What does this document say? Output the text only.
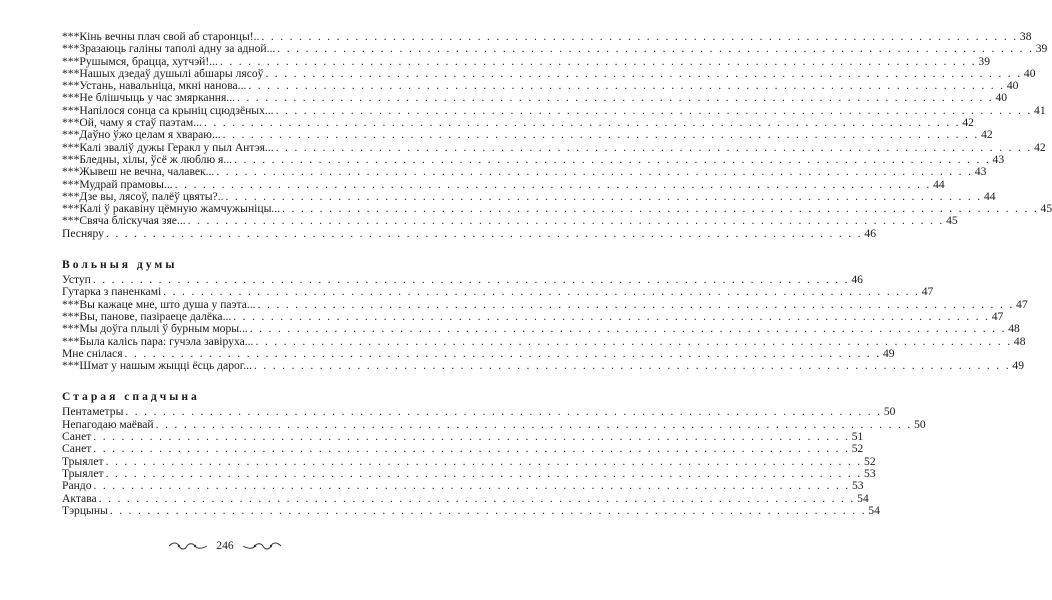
***Кінь вечны плач свой аб старонцы!.. . . . . . . . . . . . . . . . . . . . . . . . . . . . . . . . . . . . . . . . . . . . . . . . . . . . . . . . . . . . . . . . . . . . . . . . . . . . . . . . . . 38
***Зразаюць галіны таполі адну за адной... . . . . . . . . . . . . . . . . . . . . . . . . . . . . . . . . . . . . . . . . . . . . . . . . . . . . . . . . . . . . . . . . . . . . . . . . . . . . . . . . . 39
***Рушымся, браццa, хутчэй!... . . . . . . . . . . . . . . . . . . . . . . . . . . . . . . . . . . . . . . . . . . . . . . . . . . . . . . . . . . . . . . . . . . . . . . . . . . . . . . . . . 39
***Нашых дзедаў душылі абшары лясоў . . . . . . . . . . . . . . . . . . . . . . . . . . . . . . . . . . . . . . . . . . . . . . . . . . . . . . . . . . . . . . . . . . . . . . . . . . . . . . . . . 40
***Устань, навальніца, мкні нанова... . . . . . . . . . . . . . . . . . . . . . . . . . . . . . . . . . . . . . . . . . . . . . . . . . . . . . . . . . . . . . . . . . . . . . . . . . . . . . . . . . 40
***Не блішчыць у час змяркання... . . . . . . . . . . . . . . . . . . . . . . . . . . . . . . . . . . . . . . . . . . . . . . . . . . . . . . . . . . . . . . . . . . . . . . . . . . . . . . . . . 40
***Напілося сонца са крыніц сцюдзёных... . . . . . . . . . . . . . . . . . . . . . . . . . . . . . . . . . . . . . . . . . . . . . . . . . . . . . . . . . . . . . . . . . . . . . . . . . . . . . . . . . 41
***Ой, чаму я стаў паэтам... . . . . . . . . . . . . . . . . . . . . . . . . . . . . . . . . . . . . . . . . . . . . . . . . . . . . . . . . . . . . . . . . . . . . . . . . . . . . . . . . . 42
***Даўно ўжо целам я хвараю... . . . . . . . . . . . . . . . . . . . . . . . . . . . . . . . . . . . . . . . . . . . . . . . . . . . . . . . . . . . . . . . . . . . . . . . . . . . . . . . . . 42
***Калі зваліў дужы Геракл у пыл Антэя... . . . . . . . . . . . . . . . . . . . . . . . . . . . . . . . . . . . . . . . . . . . . . . . . . . . . . . . . . . . . . . . . . . . . . . . . . . . . . . . . . 42
***Бледны, хілы, ўсё ж люблю я... . . . . . . . . . . . . . . . . . . . . . . . . . . . . . . . . . . . . . . . . . . . . . . . . . . . . . . . . . . . . . . . . . . . . . . . . . . . . . . . . . 43
***Жывеш не вечна, чалавек... . . . . . . . . . . . . . . . . . . . . . . . . . . . . . . . . . . . . . . . . . . . . . . . . . . . . . . . . . . . . . . . . . . . . . . . . . . . . . . . . . 43
***Мудрай прамовы... . . . . . . . . . . . . . . . . . . . . . . . . . . . . . . . . . . . . . . . . . . . . . . . . . . . . . . . . . . . . . . . . . . . . . . . . . . . . . . . . . 44
***Дзе вы, лясоў, палёў цвяты?.. . . . . . . . . . . . . . . . . . . . . . . . . . . . . . . . . . . . . . . . . . . . . . . . . . . . . . . . . . . . . . . . . . . . . . . . . . . . . . . . . . 44
***Калі ў ракавіну цёмную жамчужыніцы... . . . . . . . . . . . . . . . . . . . . . . . . . . . . . . . . . . . . . . . . . . . . . . . . . . . . . . . . . . . . . . . . . . . . . . . . . . . . . . . . . 45
***Свяча бліскучая зяе... . . . . . . . . . . . . . . . . . . . . . . . . . . . . . . . . . . . . . . . . . . . . . . . . . . . . . . . . . . . . . . . . . . . . . . . . . . . . . . . . . 45
Песняру . . . . . . . . . . . . . . . . . . . . . . . . . . . . . . . . . . . . . . . . . . . . . . . . . . . . . . . . . . . . . . . . . . . . . . . . . . . . . . . . . 46
Вольныя думы
Уступ . . . . . . . . . . . . . . . . . . . . . . . . . . . . . . . . . . . . . . . . . . . . . . . . . . . . . . . . . . . . . . . . . . . . . . . . . . . . . . . . . 46
Гутарка з паненкамі . . . . . . . . . . . . . . . . . . . . . . . . . . . . . . . . . . . . . . . . . . . . . . . . . . . . . . . . . . . . . . . . . . . . . . . . . . . . . . . . . 47
***Вы кажаце мне, што душа у паэта... . . . . . . . . . . . . . . . . . . . . . . . . . . . . . . . . . . . . . . . . . . . . . . . . . . . . . . . . . . . . . . . . . . . . . . . . . . . . . . . . . 47
***Вы, панове, пазіраеце далёка... . . . . . . . . . . . . . . . . . . . . . . . . . . . . . . . . . . . . . . . . . . . . . . . . . . . . . . . . . . . . . . . . . . . . . . . . . . . . . . . . . 47
***Мы доўга плылі ў бурным моры... . . . . . . . . . . . . . . . . . . . . . . . . . . . . . . . . . . . . . . . . . . . . . . . . . . . . . . . . . . . . . . . . . . . . . . . . . . . . . . . . . 48
***Была калісь пара: гучэла завіруха... . . . . . . . . . . . . . . . . . . . . . . . . . . . . . . . . . . . . . . . . . . . . . . . . . . . . . . . . . . . . . . . . . . . . . . . . . . . . . . . . . 48
Мне снілася . . . . . . . . . . . . . . . . . . . . . . . . . . . . . . . . . . . . . . . . . . . . . . . . . . . . . . . . . . . . . . . . . . . . . . . . . . . . . . . . . 49
***Шмат у нашым жыцці ёсць дарог... . . . . . . . . . . . . . . . . . . . . . . . . . . . . . . . . . . . . . . . . . . . . . . . . . . . . . . . . . . . . . . . . . . . . . . . . . . . . . . . . . 49
Старая спадчына
Пентаметры . . . . . . . . . . . . . . . . . . . . . . . . . . . . . . . . . . . . . . . . . . . . . . . . . . . . . . . . . . . . . . . . . . . . . . . . . . . . . . . . . 50
Непагодаю маёвай . . . . . . . . . . . . . . . . . . . . . . . . . . . . . . . . . . . . . . . . . . . . . . . . . . . . . . . . . . . . . . . . . . . . . . . . . . . . . . . . . 50
Санет . . . . . . . . . . . . . . . . . . . . . . . . . . . . . . . . . . . . . . . . . . . . . . . . . . . . . . . . . . . . . . . . . . . . . . . . . . . . . . . . . 51
Санет . . . . . . . . . . . . . . . . . . . . . . . . . . . . . . . . . . . . . . . . . . . . . . . . . . . . . . . . . . . . . . . . . . . . . . . . . . . . . . . . . 52
Трыялет . . . . . . . . . . . . . . . . . . . . . . . . . . . . . . . . . . . . . . . . . . . . . . . . . . . . . . . . . . . . . . . . . . . . . . . . . . . . . . . . . 52
Трыялет . . . . . . . . . . . . . . . . . . . . . . . . . . . . . . . . . . . . . . . . . . . . . . . . . . . . . . . . . . . . . . . . . . . . . . . . . . . . . . . . . 53
Рандо . . . . . . . . . . . . . . . . . . . . . . . . . . . . . . . . . . . . . . . . . . . . . . . . . . . . . . . . . . . . . . . . . . . . . . . . . . . . . . . . . 53
Актава . . . . . . . . . . . . . . . . . . . . . . . . . . . . . . . . . . . . . . . . . . . . . . . . . . . . . . . . . . . . . . . . . . . . . . . . . . . . . . . . . 54
Тэрцыны . . . . . . . . . . . . . . . . . . . . . . . . . . . . . . . . . . . . . . . . . . . . . . . . . . . . . . . . . . . . . . . . . . . . . . . . . . . . . . . . . 54
246
